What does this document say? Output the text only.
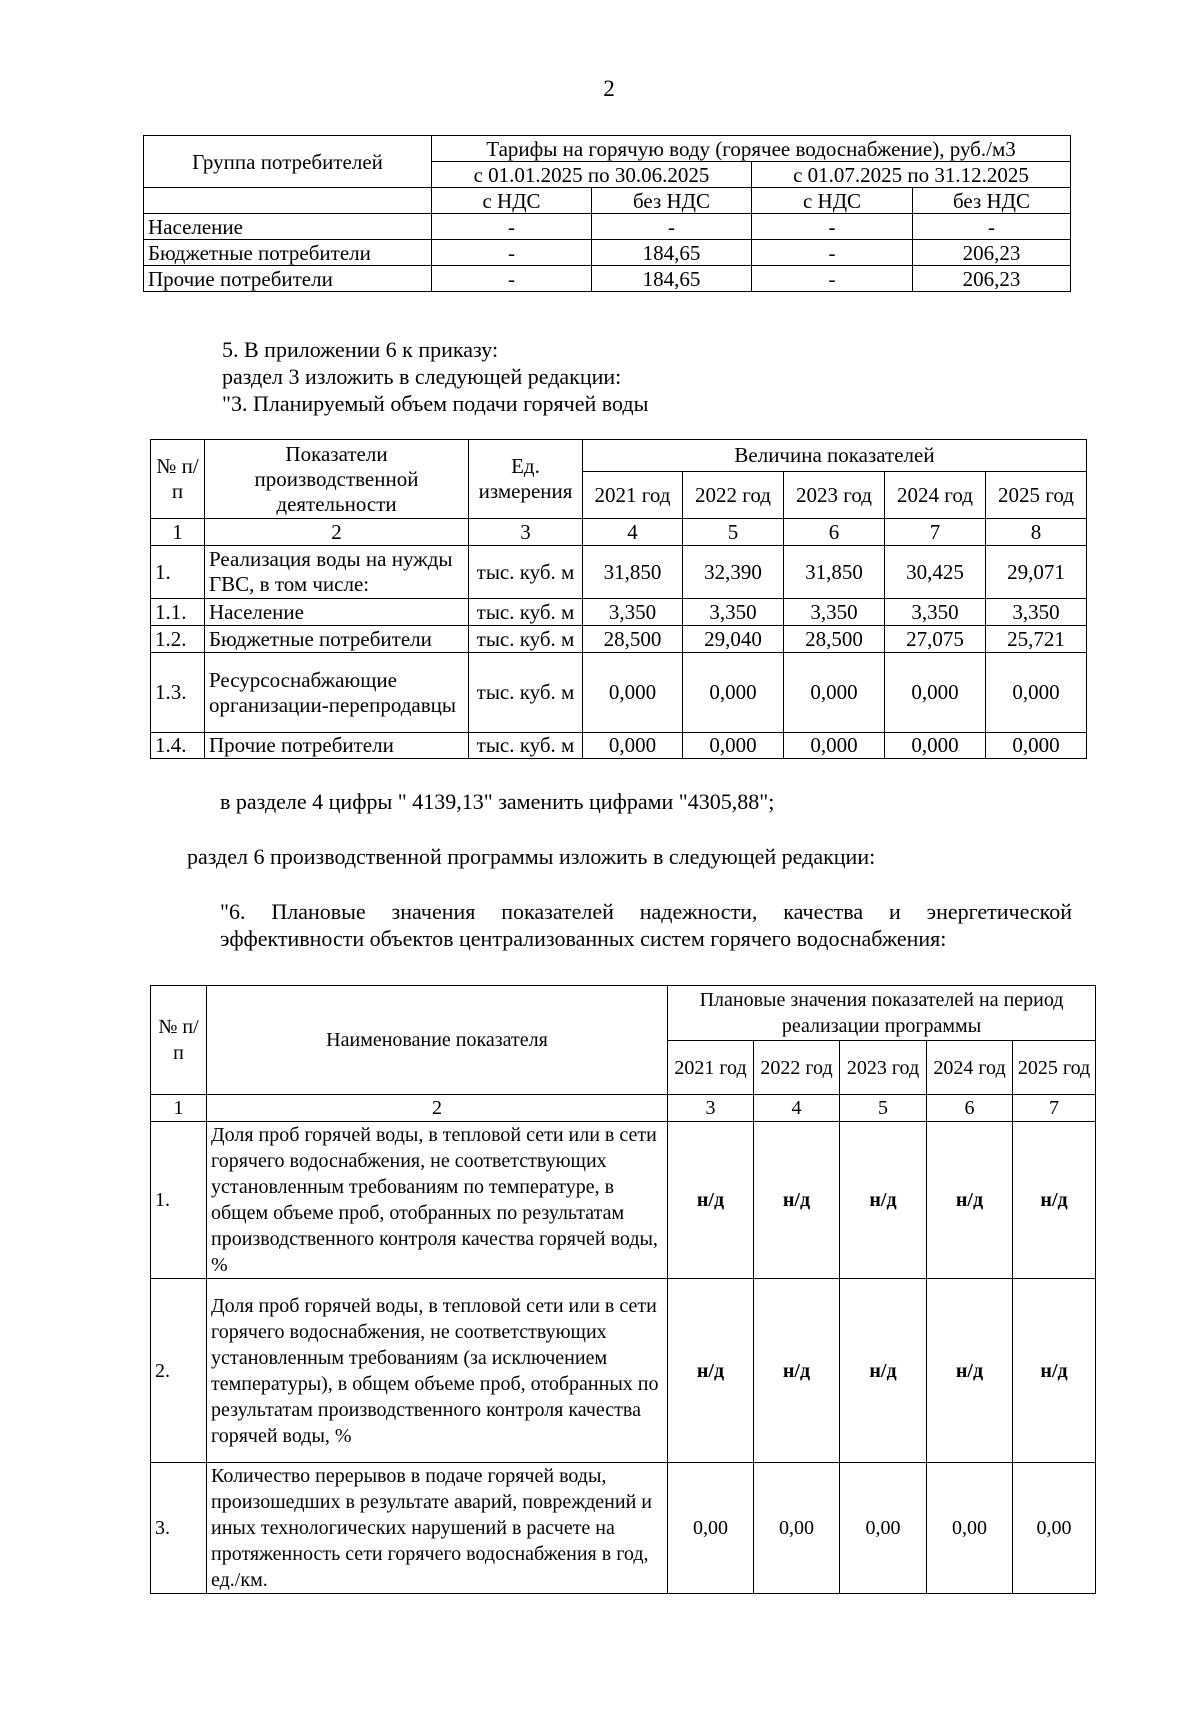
2
Группа потребителей	Тарифы на горячую воду (горячее водоснабжение), руб./м3			
	с 01.01.2025 по 30.06.2025		с 01.07.2025 по 31.12.2025	
	с НДС	без НДС	с НДС	без НДС
Население	-	-	-	-
Бюджетные потребители	-	184,65	-	206,23
Прочие потребители	-	184,65	-	206,23
5. В приложении 6 к приказу:
раздел 3 изложить в следующей редакции:
"3. Планируемый объем подачи горячей воды
№ п/п	Показатели производственной деятельности	Ед. измерения	Величина показателей				
			2021 год	2022 год	2023 год	2024 год	2025 год
1	2	3	4	5	6	7	8
1.	Реализация воды на нужды ГВС, в том числе:	тыс. куб. м	31,850	32,390	31,850	30,425	29,071
1.1.	Население	тыс. куб. м	3,350	3,350	3,350	3,350	3,350
1.2.	Бюджетные потребители	тыс. куб. м	28,500	29,040	28,500	27,075	25,721
1.3.	Ресурсоснабжающие организации-перепродавцы	тыс. куб. м	0,000	0,000	0,000	0,000	0,000
1.4.	Прочие потребители	тыс. куб. м	0,000	0,000	0,000	0,000	0,000
в разделе 4 цифры " 4139,13" заменить цифрами "4305,88";
раздел 6 производственной программы изложить в следующей редакции:
"6. Плановые значения показателей надежности, качества и энергетической эффективности объектов централизованных систем горячего водоснабжения:
№ п/п	Наименование показателя	Плановые значения показателей на период реализации программы				
		2021 год	2022 год	2023 год	2024 год	2025 год
1	2	3	4	5	6	7
1.	Доля проб горячей воды, в тепловой сети или в сети горячего водоснабжения, не соответствующих установленным требованиям по температуре, в общем объеме проб, отобранных по результатам производственного контроля качества горячей воды, %	н/д	н/д	н/д	н/д	н/д
2.	Доля проб горячей воды, в тепловой сети или в сети горячего водоснабжения, не соответствующих установленным требованиям (за исключением температуры), в общем объеме проб, отобранных по результатам производственного контроля качества горячей воды, %	н/д	н/д	н/д	н/д	н/д
3.	Количество перерывов в подаче горячей воды, произошедших в результате аварий, повреждений и иных технологических нарушений в расчете на протяженность сети горячего водоснабжения в год, ед./км.	0,00	0,00	0,00	0,00	0,00
